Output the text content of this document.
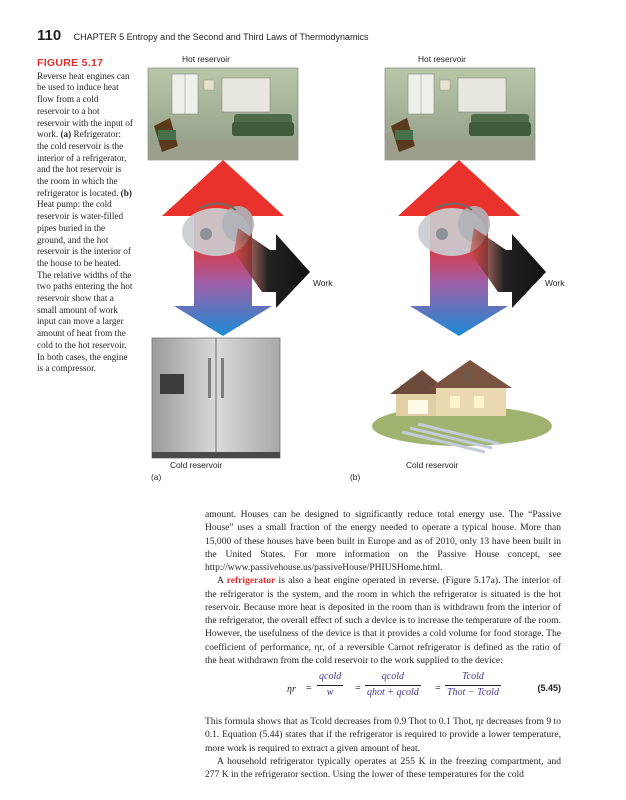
110 CHAPTER 5 Entropy and the Second and Third Laws of Thermodynamics
FIGURE 5.17
Reverse heat engines can be used to induce heat flow from a cold reservoir to a hot reservoir with the input of work. (a) Refrigerator: the cold reservoir is the interior of a refrigerator, and the hot reservoir is the room in which the refrigerator is located. (b) Heat pump: the cold reservoir is water-filled pipes buried in the ground, and the hot reservoir is the interior of the house to be heated. The relative widths of the two paths entering the hot reservoir show that a small amount of work input can move a larger amount of heat from the cold to the hot reservoir. In both cases, the engine is a compressor.
Hot reservoir	Hot reservoir
Work	Work
Cold reservoir	Cold reservoir
(a)	(b)

amount. Houses can be designed to significantly reduce total energy use. The “Passive House” uses a small fraction of the energy needed to operate a typical house. More than 15,000 of these houses have been built in Europe and as of 2010, only 13 have been built in the United States. For more information on the Passive House concept, see http://www.passivehouse.us/passiveHouse/PHIUSHome.html.

A refrigerator is also a heat engine operated in reverse. (Figure 5.17a). The interior of the refrigerator is the system, and the room in which the refrigerator is situated is the hot reservoir. Because more heat is deposited in the room than is withdrawn from the interior of the refrigerator, the overall effect of such a device is to increase the temperature of the room. However, the usefulness of the device is that it provides a cold volume for food storage. The coefficient of performance, ηr, of a reversible Carnot refrigerator is defined as the ratio of the heat withdrawn from the cold reservoir to the work supplied to the device:

ηr =
qcold
w	=
qcold
qhot + qcold =
Tcold
Thot − Tcold	(5.45)

This formula shows that as Tcold decreases from 0.9 Thot to 0.1 Thot, ηr decreases from 9 to 0.1. Equation (5.44) states that if the refrigerator is required to provide a lower temperature, more work is required to extract a given amount of heat.

A household refrigerator typically operates at 255 K in the freezing compartment, and 277 K in the refrigerator section. Using the lower of these temperatures for the cold
